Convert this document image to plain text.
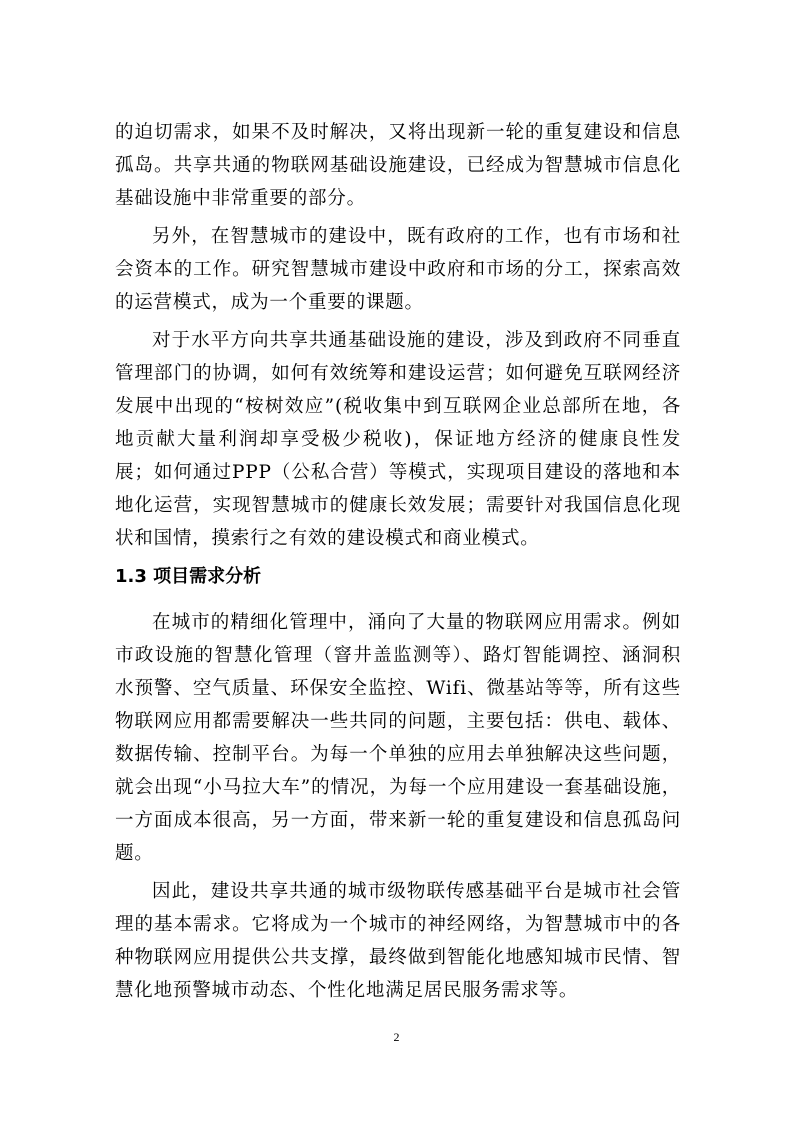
的迫切需求，如果不及时解决，又将出现新一轮的重复建设和信息孤岛。共享共通的物联网基础设施建设，已经成为智慧城市信息化基础设施中非常重要的部分。

另外，在智慧城市的建设中，既有政府的工作，也有市场和社会资本的工作。研究智慧城市建设中政府和市场的分工，探索高效的运营模式，成为一个重要的课题。

对于水平方向共享共通基础设施的建设，涉及到政府不同垂直管理部门的协调，如何有效统筹和建设运营；如何避免互联网经济发展中出现的“桉树效应”(税收集中到互联网企业总部所在地，各地贡献大量利润却享受极少税收)，保证地方经济的健康良性发展；如何通过PPP（公私合营）等模式，实现项目建设的落地和本地化运营，实现智慧城市的健康长效发展；需要针对我国信息化现状和国情，摸索行之有效的建设模式和商业模式。

1.3 项目需求分析

在城市的精细化管理中，涌向了大量的物联网应用需求。例如市政设施的智慧化管理（窨井盖监测等）、路灯智能调控、涵洞积水预警、空气质量、环保安全监控、Wifi、微基站等等，所有这些物联网应用都需要解决一些共同的问题，主要包括：供电、载体、数据传输、控制平台。为每一个单独的应用去单独解决这些问题，就会出现“小马拉大车”的情况，为每一个应用建设一套基础设施，一方面成本很高，另一方面，带来新一轮的重复建设和信息孤岛问题。

因此，建设共享共通的城市级物联传感基础平台是城市社会管理的基本需求。它将成为一个城市的神经网络，为智慧城市中的各种物联网应用提供公共支撑，最终做到智能化地感知城市民情、智慧化地预警城市动态、个性化地满足居民服务需求等。

2
